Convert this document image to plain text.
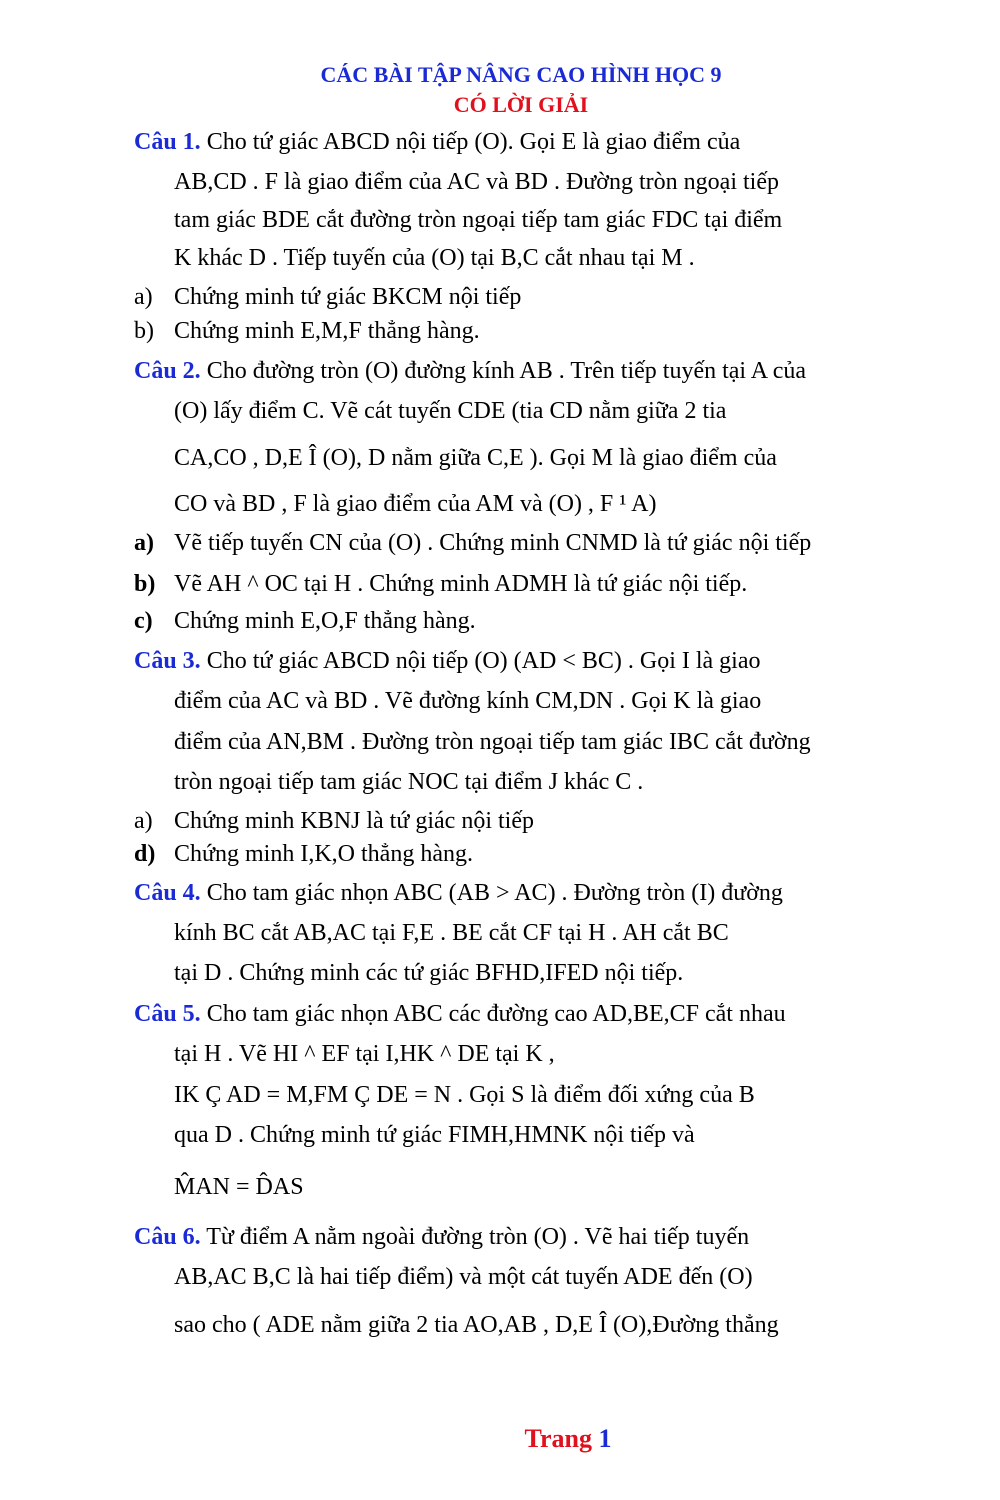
CÁC BÀI TẬP NÂNG CAO HÌNH HỌC 9
CÓ LỜI GIẢI
Câu 1. Cho tứ giác ABCD nội tiếp (O). Gọi E là giao điểm của
AB,CD . F là giao điểm của AC và BD . Đường tròn ngoại tiếp
tam giác BDE cắt đường tròn ngoại tiếp tam giác FDC tại điểm
K khác D . Tiếp tuyến của (O) tại B,C cắt nhau tại M .
a) Chứng minh tứ giác BKCM nội tiếp
b) Chứng minh E,M,F thẳng hàng.
Câu 2. Cho đường tròn (O) đường kính AB . Trên tiếp tuyến tại A của
(O) lấy điểm C. Vẽ cát tuyến CDE (tia CD nằm giữa 2 tia
CA,CO , D,E Î (O), D nằm giữa C,E ). Gọi M là giao điểm của
CO và BD , F là giao điểm của AM và (O) , F ¹ A)
a) Vẽ tiếp tuyến CN của (O) . Chứng minh CNMD là tứ giác nội tiếp
b) Vẽ AH ^ OC tại H . Chứng minh ADMH là tứ giác nội tiếp.
c) Chứng minh E,O,F thẳng hàng.
Câu 3. Cho tứ giác ABCD nội tiếp (O) (AD < BC) . Gọi I là giao
điểm của AC và BD . Vẽ đường kính CM,DN . Gọi K là giao
điểm của AN,BM . Đường tròn ngoại tiếp tam giác IBC cắt đường
tròn ngoại tiếp tam giác NOC tại điểm J khác C .
a) Chứng minh KBNJ là tứ giác nội tiếp
d) Chứng minh I,K,O thẳng hàng.
Câu 4. Cho tam giác nhọn ABC (AB > AC) . Đường tròn (I) đường
kính BC cắt AB,AC tại F,E . BE cắt CF tại H . AH cắt BC
tại D . Chứng minh các tứ giác BFHD,IFED nội tiếp.
Câu 5. Cho tam giác nhọn ABC các đường cao AD,BE,CF cắt nhau
tại H . Vẽ HI ^ EF tại I,HK ^ DE tại K ,
IK Ç AD = M,FM Ç DE = N . Gọi S là điểm đối xứng của B
qua D . Chứng minh tứ giác FIMH,HMNK nội tiếp và
M̂AN = D̂AS
Câu 6. Từ điểm A nằm ngoài đường tròn (O) . Vẽ hai tiếp tuyến
AB,AC B,C là hai tiếp điểm) và một cát tuyến ADE đến (O)
sao cho ( ADE nằm giữa 2 tia AO,AB , D,E Î (O),Đường thẳng
Trang 1
